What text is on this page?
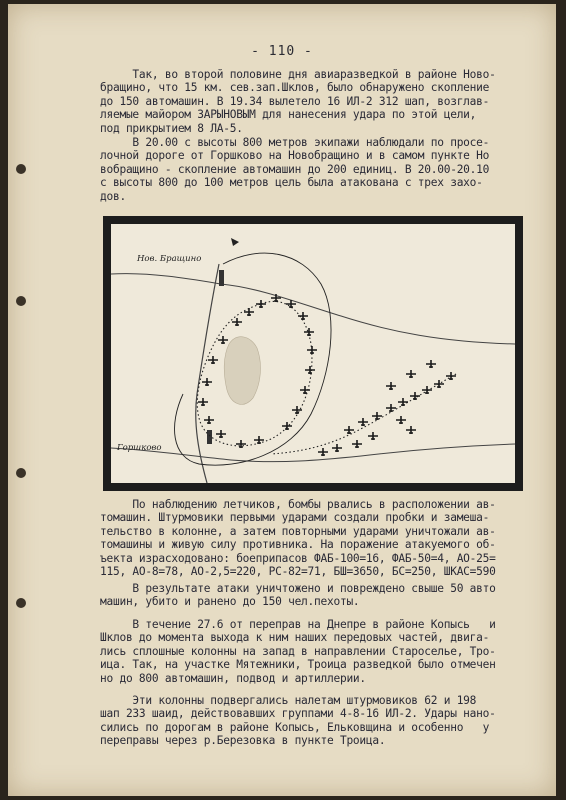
- 110 -
Так, во второй половине дня авиаразведкой в районе Ново-
бращино, что 15 км. сев.зап.Шклов, было обнаружено скопление
до 150 автомашин. В 19.34 вылетело 16 ИЛ-2 312 шап, возглав-
ляемые майором ЗАРЫНОВЫМ для нанесения удара по этой цели,
под прикрытием 8 ЛА-5.
В 20.00 с высоты 800 метров экипажи наблюдали по просе-
лочной дороге от Горшково на Новобращино и в самом пункте Но
вобращино - скопление автомашин до 200 единиц. В 20.00-20.10
с высоты 800 до 100 метров цель была атакована с трех захо-
дов.
Нов. Бращино
Горшково
По наблюдению летчиков, бомбы рвались в расположении ав-
томашин. Штурмовики первыми ударами создали пробки и замеша-
тельство в колонне, а затем повторными ударами уничтожали ав-
томашины и живую силу противника. На поражение атакуемого об-
ъекта израсходовано: боеприпасов ФАБ-100=16, ФАБ-50=4, АО-25=
115, АО-8=78, АО-2,5=220, РС-82=71, БШ=3650, БС=250, ШКАС=590
В результате атаки уничтожено и повреждено свыше 50 авто
машин, убито и ранено до 150 чел.пехоты.
В течение 27.6 от переправ на Днепре в районе Копысь   и
Шклов до момента выхода к ним наших передовых частей, двига-
лись сплошные колонны на запад в направлении Староселье, Тро-
ица. Так, на участке Мятежники, Троица разведкой было отмечен
но до 800 автомашин, подвод и артиллерии.
Эти колонны подвергались налетам штурмовиков 62 и 198
шап 233 шаид, действовавших группами 4-8-16 ИЛ-2. Удары нано-
сились по дорогам в районе Копысь, Ельковщина и особенно   у
переправы через р.Березовка в пункте Троица.
